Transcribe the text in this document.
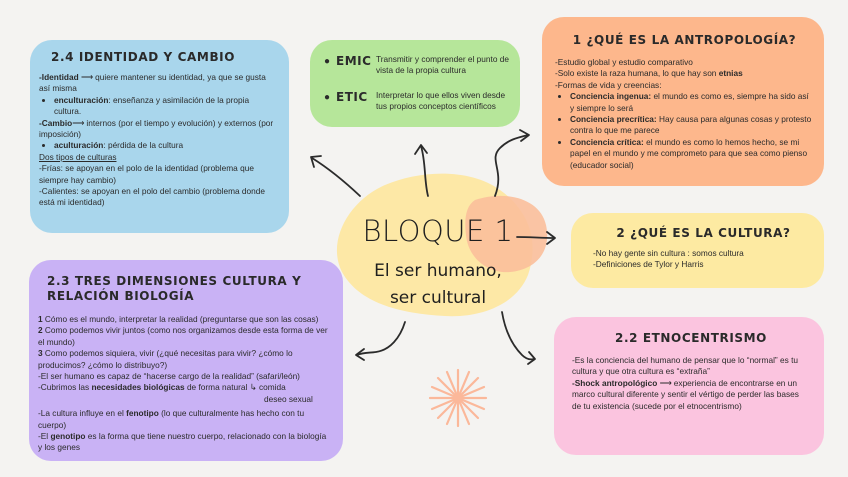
2.4 IDENTIDAD Y CAMBIO

-Identidad ⟶ quiere mantener su identidad, ya que se gusta así misma

• enculturación: enseñanza y asimilación de la propia cultura.

-Cambio⟶ internos (por el tiempo y evolución) y externos (por imposición)

• aculturación: pérdida de la cultura

Dos tipos de culturas

-Frías: se apoyan en el polo de la identidad (problema que siempre hay cambio)

-Calientes: se apoyan en el polo del cambio (problema donde está mi identidad)

2.3 TRES DIMENSIONES CULTURA Y
RELACIÓN BIOLOGÍA

1 Cómo es el mundo, interpretar la realidad (preguntarse que son las cosas)

2 Como podemos vivir juntos (como nos organizamos desde esta forma de ver el mundo)

3 Como podemos siquiera, vivir (¿qué necesitas para vivir? ¿cómo lo producimos? ¿cómo lo distribuyo?)

-El ser humano es capaz de “hacerse cargo de la realidad” (safari/león)

-Cubrimos las necesidades biológicas de forma natural ↳ comida

deseo sexual

-La cultura influye en el fenotipo (lo que culturalmente has hecho con tu cuerpo)

-El genotipo es la forma que tiene nuestro cuerpo, relacionado con la biología y los genes

● EMIC Transmitir y comprender el punto de vista de la propia cultura
● ETIC	Interpretar lo que ellos viven desde tus propios conceptos científicos
1 ¿QUÉ ES LA ANTROPOLOGÍA?

-Estudio global y estudio comparativo

-Solo existe la raza humana, lo que hay son etnias

-Formas de vida y creencias:

• Conciencia ingenua: el mundo es como es, siempre ha sido así y siempre lo será
• Conciencia precrítica: Hay causa para algunas cosas y protesto contra lo que me parece
• Conciencia crítica: el mundo es como lo hemos hecho, se mi papel en el mundo y me comprometo para que sea como pienso (educador social)
2 ¿QUÉ ES LA CULTURA?

-No hay gente sin cultura : somos cultura

-Definiciones de Tylor y Harris

2.2 ETNOCENTRISMO

-Es la conciencia del humano de pensar que lo “normal” es tu cultura y que otra cultura es “extraña”

-Shock antropológico ⟶ experiencia de encontrarse en un marco cultural diferente y sentir el vértigo de perder las bases de tu existencia (sucede por el etnocentrismo)

BLOQUE 1
El ser humano,
ser cultural
